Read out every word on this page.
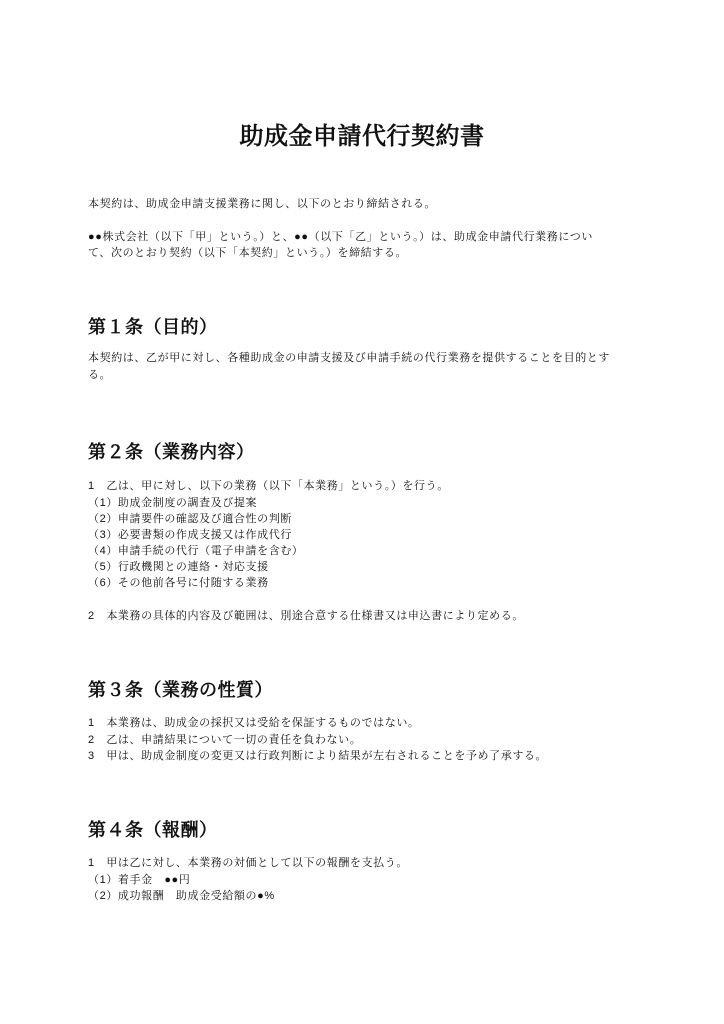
助成金申請代行契約書
本契約は、助成金申請支援業務に関し、以下のとおり締結される。
●●株式会社（以下「甲」という。）と、●●（以下「乙」という。）は、助成金申請代行業務につい
て、次のとおり契約（以下「本契約」という。）を締結する。
第１条（目的）
本契約は、乙が甲に対し、各種助成金の申請支援及び申請手続の代行業務を提供することを目的とす
る。
第２条（業務内容）
1　乙は、甲に対し、以下の業務（以下「本業務」という。）を行う。
（1）助成金制度の調査及び提案
（2）申請要件の確認及び適合性の判断
（3）必要書類の作成支援又は作成代行
（4）申請手続の代行（電子申請を含む）
（5）行政機関との連絡・対応支援
（6）その他前各号に付随する業務
2　本業務の具体的内容及び範囲は、別途合意する仕様書又は申込書により定める。
第３条（業務の性質）
1　本業務は、助成金の採択又は受給を保証するものではない。
2　乙は、申請結果について一切の責任を負わない。
3　甲は、助成金制度の変更又は行政判断により結果が左右されることを予め了承する。
第４条（報酬）
1　甲は乙に対し、本業務の対価として以下の報酬を支払う。
（1）着手金　●●円
（2）成功報酬　助成金受給額の●%
